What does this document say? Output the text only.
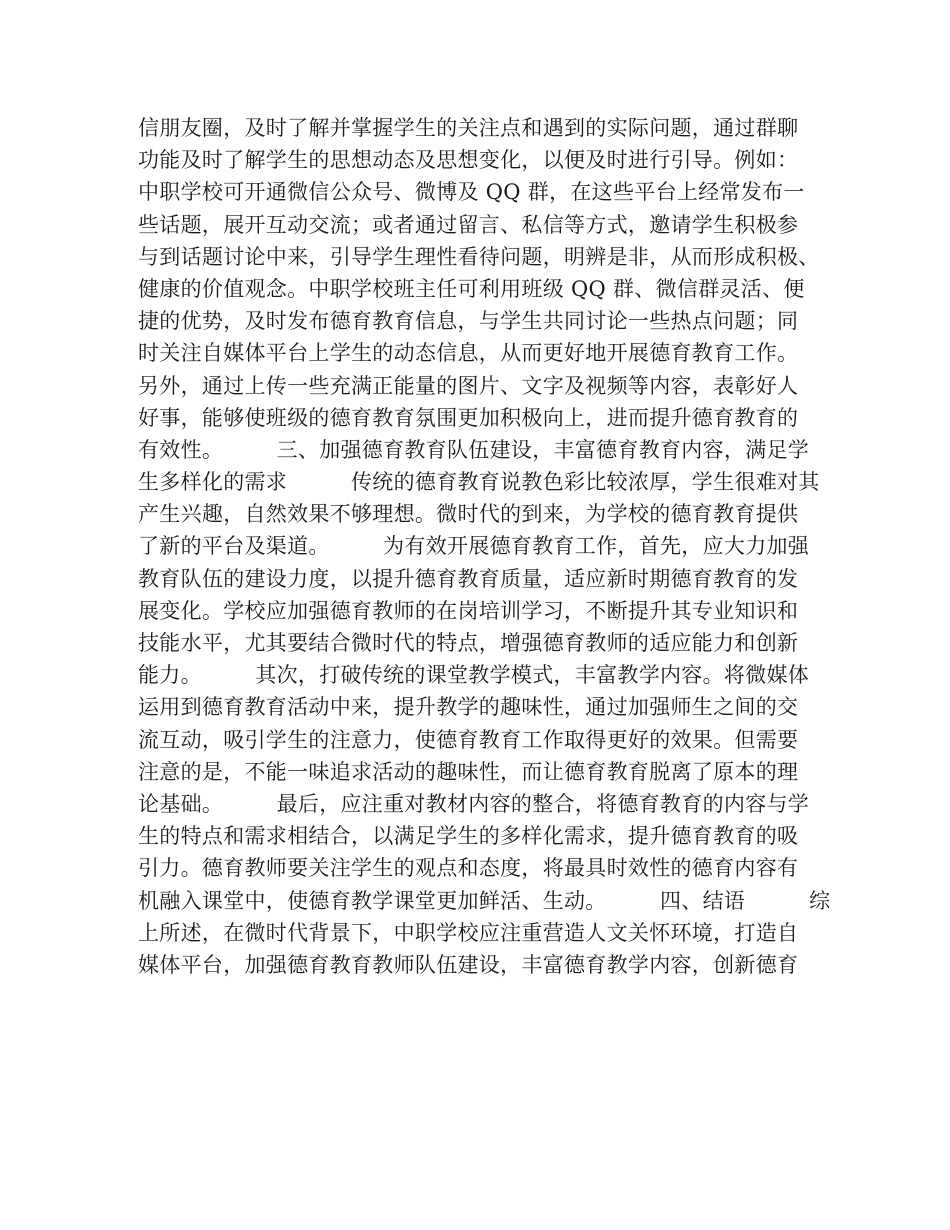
信朋友圈，及时了解并掌握学生的关注点和遇到的实际问题，通过群聊
功能及时了解学生的思想动态及思想变化，以便及时进行引导。例如：
中职学校可开通微信公众号、微博及 QQ 群，在这些平台上经常发布一
些话题，展开互动交流；或者通过留言、私信等方式，邀请学生积极参
与到话题讨论中来，引导学生理性看待问题，明辨是非，从而形成积极、
健康的价值观念。中职学校班主任可利用班级 QQ 群、微信群灵活、便
捷的优势，及时发布德育教育信息，与学生共同讨论一些热点问题；同
时关注自媒体平台上学生的动态信息，从而更好地开展德育教育工作。
另外，通过上传一些充满正能量的图片、文字及视频等内容，表彰好人
好事，能够使班级的德育教育氛围更加积极向上，进而提升德育教育的
有效性。　　　三、加强德育教育队伍建设，丰富德育教育内容，满足学
生多样化的需求　　　传统的德育教育说教色彩比较浓厚，学生很难对其
产生兴趣，自然效果不够理想。微时代的到来，为学校的德育教育提供
了新的平台及渠道。　　　为有效开展德育教育工作，首先，应大力加强
教育队伍的建设力度，以提升德育教育质量，适应新时期德育教育的发
展变化。学校应加强德育教师的在岗培训学习，不断提升其专业知识和
技能水平，尤其要结合微时代的特点，增强德育教师的适应能力和创新
能力。　　　其次，打破传统的课堂教学模式，丰富教学内容。将微媒体
运用到德育教育活动中来，提升教学的趣味性，通过加强师生之间的交
流互动，吸引学生的注意力，使德育教育工作取得更好的效果。但需要
注意的是，不能一味追求活动的趣味性，而让德育教育脱离了原本的理
论基础。　　　最后，应注重对教材内容的整合，将德育教育的内容与学
生的特点和需求相结合，以满足学生的多样化需求，提升德育教育的吸
引力。德育教师要关注学生的观点和态度，将最具时效性的德育内容有
机融入课堂中，使德育教学课堂更加鲜活、生动。　　　四、结语　　　综
上所述，在微时代背景下，中职学校应注重营造人文关怀环境，打造自
媒体平台，加强德育教育教师队伍建设，丰富德育教学内容，创新德育
